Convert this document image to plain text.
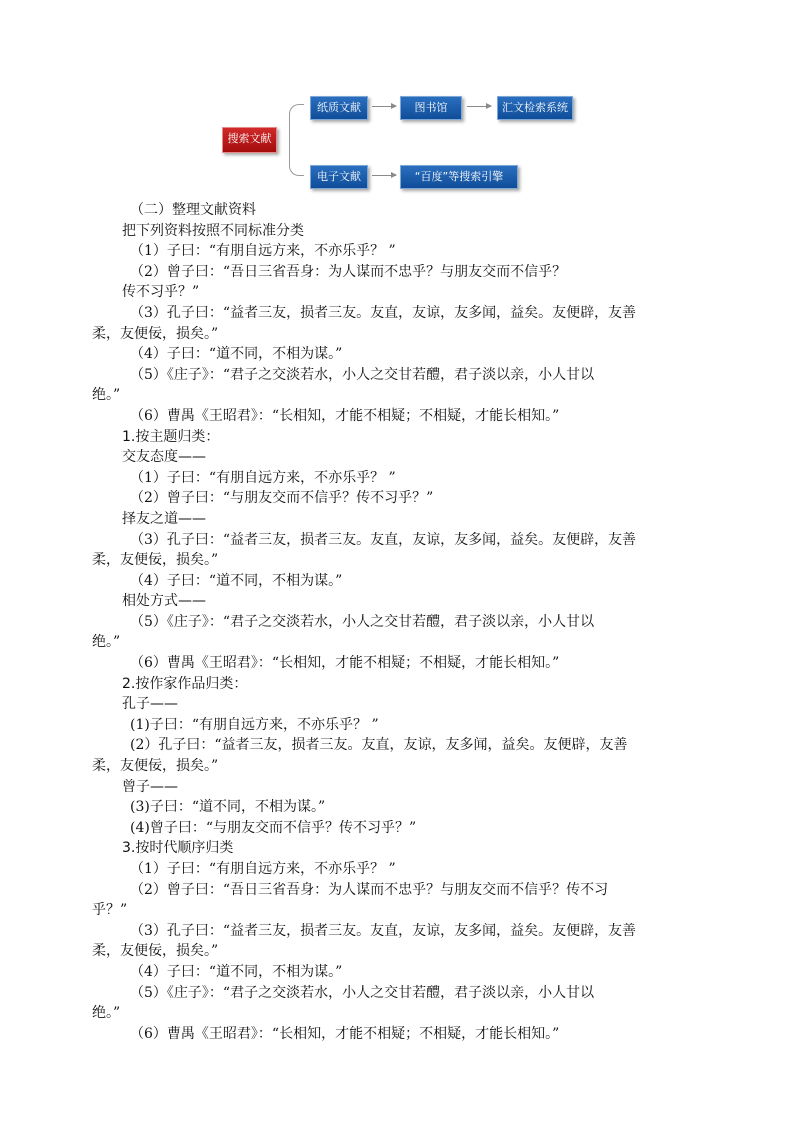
搜索文献
纸质文献	图书馆	汇文检索系统
电子文献	“百度”等搜索引擎
（二）整理文献资料
把下列资料按照不同标准分类
（1）子曰：“有朋自远方来，不亦乐乎？ ”
（2）曾子曰：“吾日三省吾身：为人谋而不忠乎？与朋友交而不信乎？
传不习乎？”
（3）孔子曰：“益者三友，损者三友。友直，友谅，友多闻，益矣。友便辟，友善
柔，友便佞，损矣。”
（4）子曰：“道不同，不相为谋。”
（5）《庄子》：“君子之交淡若水，小人之交甘若醴，君子淡以亲，小人甘以
绝。”
（6）曹禺《王昭君》：“长相知，才能不相疑；不相疑，才能长相知。”
1.按主题归类：
交友态度——
（1）子曰：“有朋自远方来，不亦乐乎？ ”
（2）曾子曰：“与朋友交而不信乎？传不习乎？”
择友之道——
（3）孔子曰：“益者三友，损者三友。友直，友谅，友多闻，益矣。友便辟，友善
柔，友便佞，损矣。”
（4）子曰：“道不同，不相为谋。”
相处方式——
（5）《庄子》：“君子之交淡若水，小人之交甘若醴，君子淡以亲，小人甘以
绝。”
（6）曹禺《王昭君》：“长相知，才能不相疑；不相疑，才能长相知。”
2.按作家作品归类：
孔子——
(1)子曰：“有朋自远方来，不亦乐乎？ ”
(2）孔子曰：“益者三友，损者三友。友直，友谅，友多闻，益矣。友便辟，友善
柔，友便佞，损矣。”
曾子——
(3)子曰：“道不同，不相为谋。”
(4)曾子曰：“与朋友交而不信乎？传不习乎？”
3.按时代顺序归类
（1）子曰：“有朋自远方来，不亦乐乎？ ”
（2）曾子曰：“吾日三省吾身：为人谋而不忠乎？与朋友交而不信乎？传不习
乎？”
（3）孔子曰：“益者三友，损者三友。友直，友谅，友多闻，益矣。友便辟，友善
柔，友便佞，损矣。”
（4）子曰：“道不同，不相为谋。”
（5）《庄子》：“君子之交淡若水，小人之交甘若醴，君子淡以亲，小人甘以
绝。”
（6）曹禺《王昭君》：“长相知，才能不相疑；不相疑，才能长相知。”
